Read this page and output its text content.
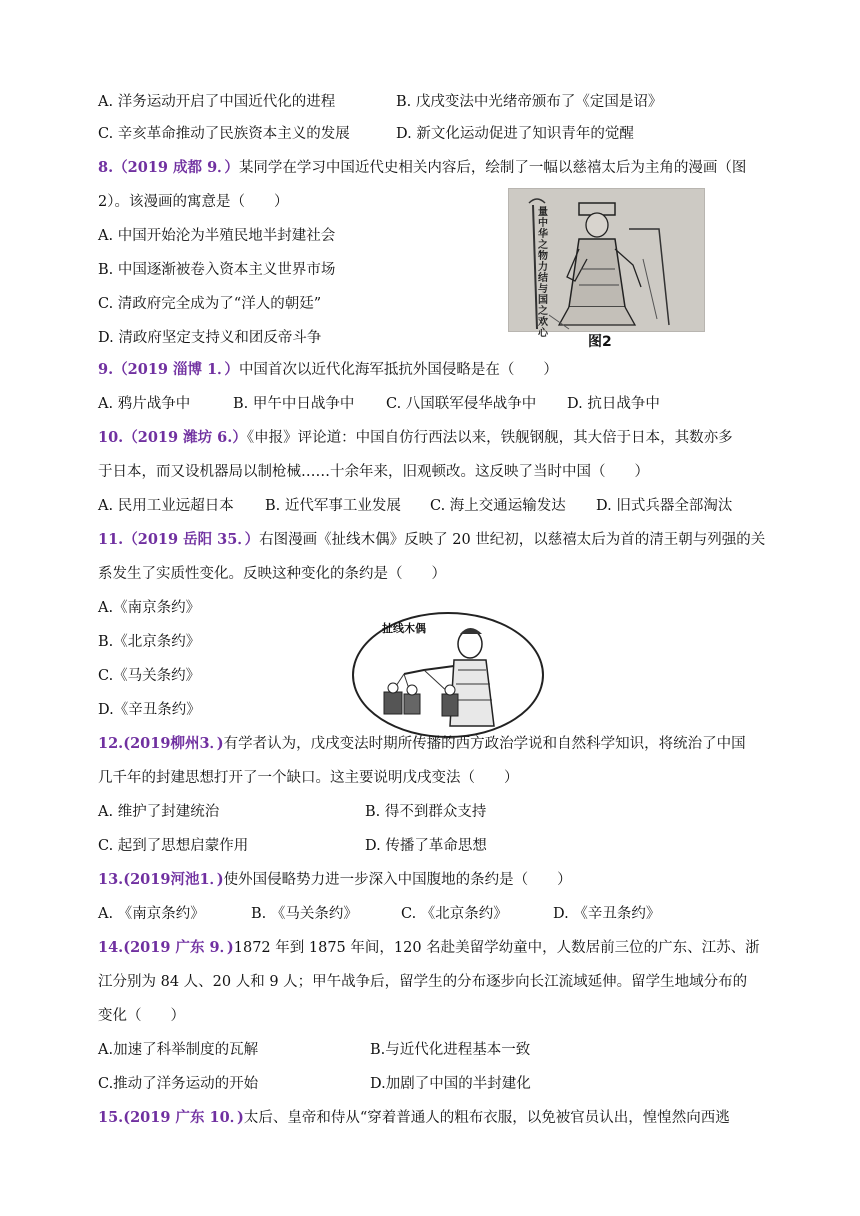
A. 洋务运动开启了中国近代化的进程	B. 戊戌变法中光绪帝颁布了《定国是诏》
C. 辛亥革命推动了民族资本主义的发展	D. 新文化运动促进了知识青年的觉醒
8.（2019 成都 9．）某同学在学习中国近代史相关内容后，绘制了一幅以慈禧太后为主角的漫画（图
2）。该漫画的寓意是（　　）
A. 中国开始沦为半殖民地半封建社会
B. 中国逐渐被卷入资本主义世界市场
C. 清政府完全成为了“洋人的朝廷”
D. 清政府坚定支持义和团反帝斗争
量中华之物力结与国之欢心
图2
9.（2019 淄博 1．）中国首次以近代化海军抵抗外国侵略是在（　　）
A. 鸦片战争中	B. 甲午中日战争中 C. 八国联军侵华战争中 D. 抗日战争中
10.（2019 潍坊 6.）《申报》评论道：中国自仿行西法以来，铁舰钢舰，其大倍于日本，其数亦多
于日本，而又设机器局以制枪械……十余年来，旧观顿改。这反映了当时中国（　　）
A. 民用工业远超日本 B. 近代军事工业发展 C. 海上交通运输发达 D. 旧式兵器全部淘汰
11.（2019 岳阳 35．）右图漫画《扯线木偶》反映了 20 世纪初，以慈禧太后为首的清王朝与列强的关
系发生了实质性变化。反映这种变化的条约是（　　）
A.《南京条约》
B.《北京条约》
C.《马关条约》
D.《辛丑条约》
扯线木偶
12.(2019柳州3．)有学者认为，戊戌变法时期所传播的西方政治学说和自然科学知识，将统治了中国
几千年的封建思想打开了一个缺口。这主要说明戊戌变法（　　）
A. 维护了封建统治	B. 得不到群众支持
C. 起到了思想启蒙作用	D. 传播了革命思想
13.(2019河池1．)使外国侵略势力进一步深入中国腹地的条约是（　　）
A. 《南京条约》	B. 《马关条约》	C. 《北京条约》	D. 《辛丑条约》
14.(2019 广东 9．)1872 年到 1875 年间，120 名赴美留学幼童中，人数居前三位的广东、江苏、浙
江分别为 84 人、20 人和 9 人；甲午战争后，留学生的分布逐步向长江流域延伸。留学生地域分布的
变化（　　）
A.加速了科举制度的瓦解	B.与近代化进程基本一致
C.推动了洋务运动的开始	D.加剧了中国的半封建化
15.(2019 广东 10．)太后、皇帝和侍从“穿着普通人的粗布衣服，以免被官员认出，惶惶然向西逃
